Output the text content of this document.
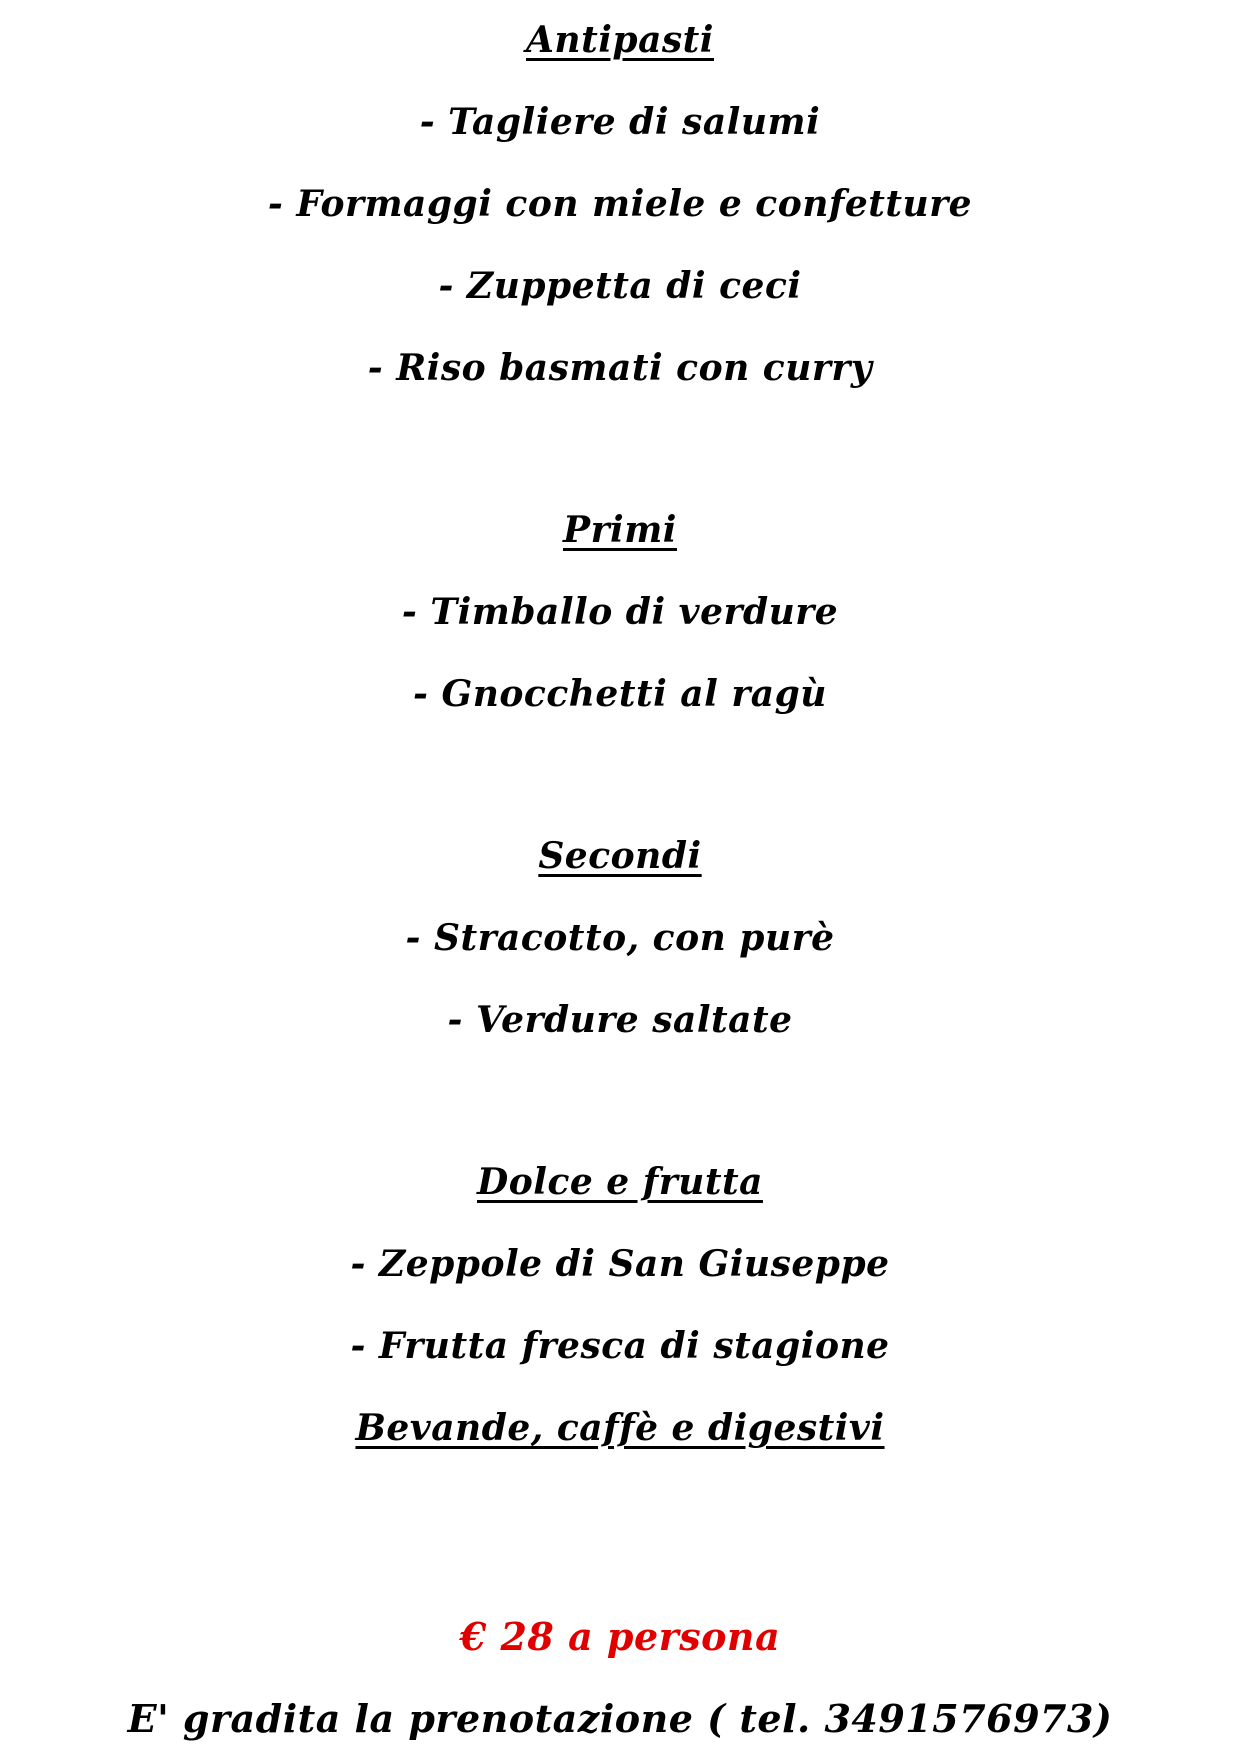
Antipasti
- Tagliere di salumi
- Formaggi con miele e confetture
- Zuppetta di ceci
- Riso basmati con curry
Primi
- Timballo di verdure
- Gnocchetti al ragù
Secondi
- Stracotto, con purè
- Verdure saltate
Dolce e frutta
- Zeppole di San Giuseppe
- Frutta fresca di stagione
Bevande, caffè e digestivi
€ 28 a persona
E' gradita la prenotazione ( tel. 3491576973)
